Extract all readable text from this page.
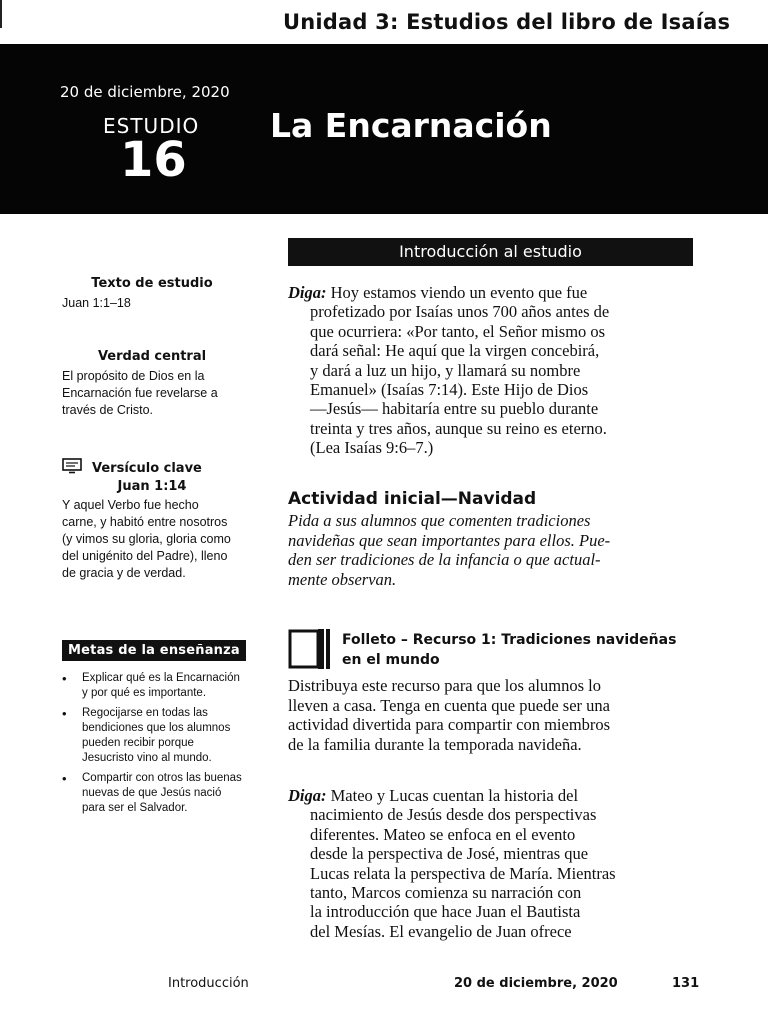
Unidad 3: Estudios del libro de Isaías
20 de diciembre, 2020
ESTUDIO
16
La Encarnación
Texto de estudio
Juan 1:1–18
Verdad central
El propósito de Dios en la
Encarnación fue revelarse a
través de Cristo.
Versículo clave
Juan 1:14
Y aquel Verbo fue hecho
carne, y habitó entre nosotros
(y vimos su gloria, gloria como
del unigénito del Padre), lleno
de gracia y de verdad.
Metas de la enseñanza
• Explicar qué es la Encarnación y por qué es importante.
• Regocijarse en todas las bendiciones que los alumnos pueden recibir porque Jesucristo vino al mundo.
• Compartir con otros las buenas nuevas de que Jesús nació para ser el Salvador.
Introducción al estudio
Diga: Hoy estamos viendo un evento que fue
profetizado por Isaías unos 700 años antes de
que ocurriera: «Por tanto, el Señor mismo os
dará señal: He aquí que la virgen concebirá,
y dará a luz un hijo, y llamará su nombre
Emanuel» (Isaías 7:14). Este Hijo de Dios
—Jesús— habitaría entre su pueblo durante
treinta y tres años, aunque su reino es eterno.
(Lea Isaías 9:6–7.)
Actividad inicial—Navidad
Pida a sus alumnos que comenten tradiciones
navideñas que sean importantes para ellos. Pue-
den ser tradiciones de la infancia o que actual-
mente observan.
Folleto – Recurso 1: Tradiciones navideñas
en el mundo
Distribuya este recurso para que los alumnos lo
lleven a casa. Tenga en cuenta que puede ser una
actividad divertida para compartir con miembros
de la familia durante la temporada navideña.
Diga: Mateo y Lucas cuentan la historia del
nacimiento de Jesús desde dos perspectivas
diferentes. Mateo se enfoca en el evento
desde la perspectiva de José, mientras que
Lucas relata la perspectiva de María. Mientras
tanto, Marcos comienza su narración con
la introducción que hace Juan el Bautista
del Mesías. El evangelio de Juan ofrece
Introducción	20 de diciembre, 2020	131
